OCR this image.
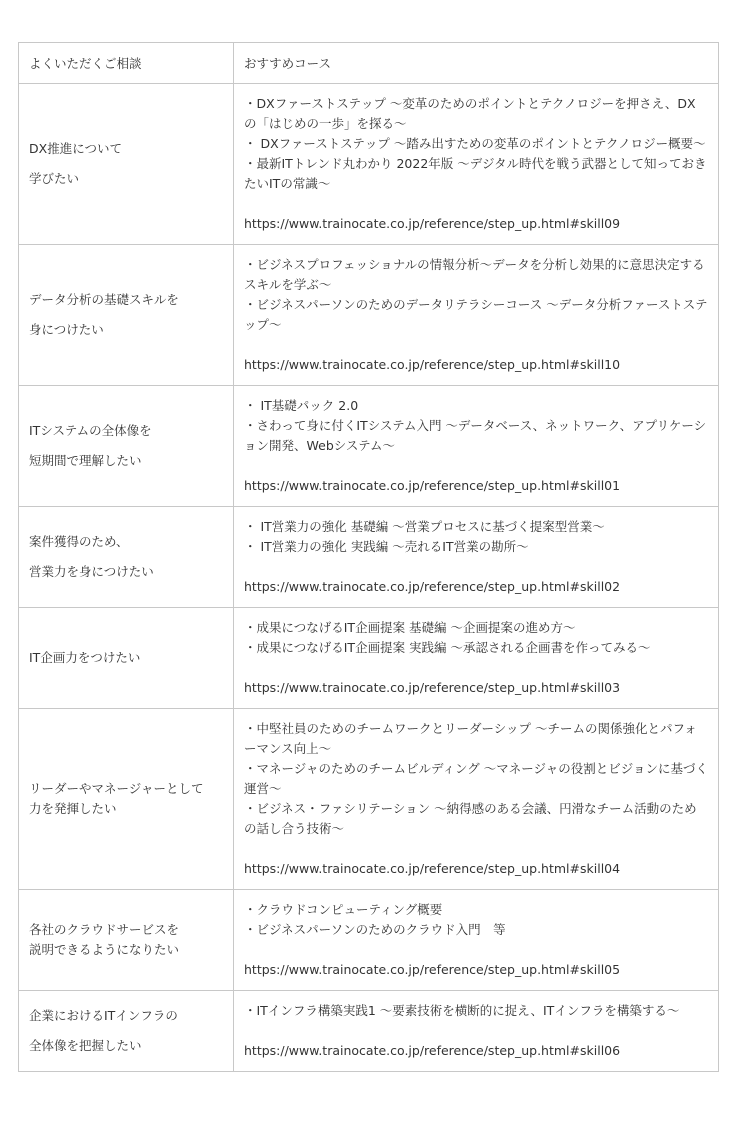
よくいただくご相談	おすすめコース

DX推進について
学びたい	・DXファーストステップ 〜変革のためのポイントとテクノロジーを押さえ、DXの「はじめの一歩」を探る〜
・ DXファーストステップ 〜踏み出すための変革のポイントとテクノロジー概要〜
・最新ITトレンド丸わかり 2022年版 〜デジタル時代を戦う武器として知っておきたいITの常識〜
https://www.trainocate.co.jp/reference/step_up.html#skill09

データ分析の基礎スキルを
身につけたい	・ビジネスプロフェッショナルの情報分析〜データを分析し効果的に意思決定するスキルを学ぶ〜
・ビジネスパーソンのためのデータリテラシーコース 〜データ分析ファーストステップ〜
https://www.trainocate.co.jp/reference/step_up.html#skill10

ITシステムの全体像を
短期間で理解したい	・ IT基礎パック 2.0
・さわって身に付くITシステム入門 〜データベース、ネットワーク、アプリケーション開発、Webシステム〜
https://www.trainocate.co.jp/reference/step_up.html#skill01

案件獲得のため、
営業力を身につけたい	・ IT営業力の強化 基礎編 〜営業プロセスに基づく提案型営業〜
・ IT営業力の強化 実践編 〜売れるIT営業の勘所〜
https://www.trainocate.co.jp/reference/step_up.html#skill02

IT企画力をつけたい	・成果につなげるIT企画提案 基礎編 〜企画提案の進め方〜
・成果につなげるIT企画提案 実践編 〜承認される企画書を作ってみる〜
https://www.trainocate.co.jp/reference/step_up.html#skill03

リーダーやマネージャーとして
力を発揮したい	・中堅社員のためのチームワークとリーダーシップ 〜チームの関係強化とパフォーマンス向上〜
・マネージャのためのチームビルディング 〜マネージャの役割とビジョンに基づく運営〜
・ビジネス・ファシリテーション 〜納得感のある会議、円滑なチーム活動のための話し合う技術〜
https://www.trainocate.co.jp/reference/step_up.html#skill04

各社のクラウドサービスを
説明できるようになりたい	・クラウドコンピューティング概要
・ビジネスパーソンのためのクラウド入門　等
https://www.trainocate.co.jp/reference/step_up.html#skill05

企業におけるITインフラの
全体像を把握したい	・ITインフラ構築実践1 〜要素技術を横断的に捉え、ITインフラを構築する〜
https://www.trainocate.co.jp/reference/step_up.html#skill06
